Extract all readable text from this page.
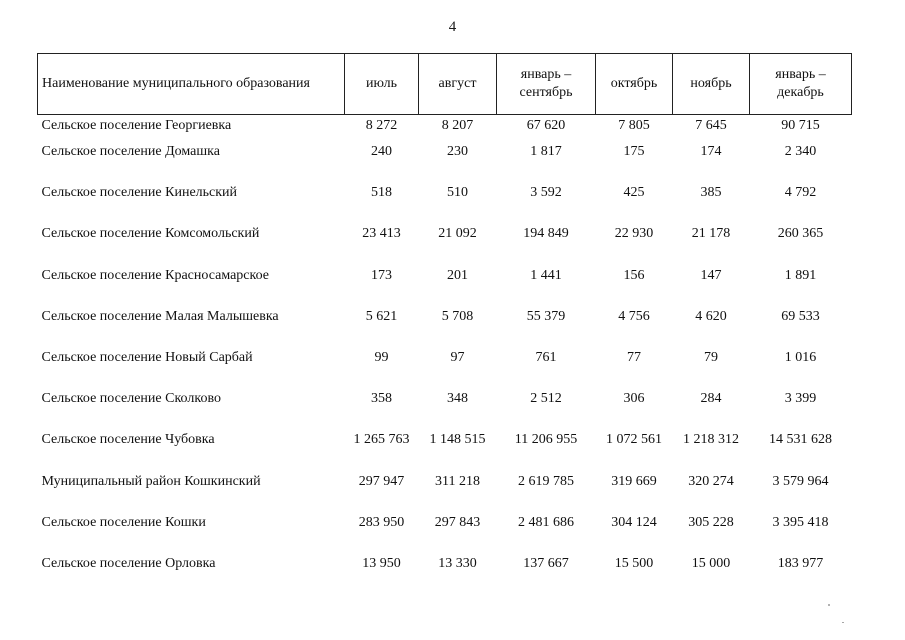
4
Наименование муниципального образования	июль	август	январь – сентябрь	октябрь	ноябрь	январь – декабрь
Сельское поселение Георгиевка	8 272	8 207	67 620	7 805	7 645	90 715
Сельское поселение Домашка	240	230	1 817	175	174	2 340
Сельское поселение Кинельский	518	510	3 592	425	385	4 792
Сельское поселение Комсомольский	23 413	21 092	194 849	22 930	21 178	260 365
Сельское поселение Красносамарское	173	201	1 441	156	147	1 891
Сельское поселение Малая Малышевка	5 621	5 708	55 379	4 756	4 620	69 533
Сельское поселение Новый Сарбай	99	97	761	77	79	1 016
Сельское поселение Сколково	358	348	2 512	306	284	3 399
Сельское поселение Чубовка	1 265 763	1 148 515	11 206 955	1 072 561	1 218 312	14 531 628
Муниципальный район Кошкинский	297 947	311 218	2 619 785	319 669	320 274	3 579 964
Сельское поселение Кошки	283 950	297 843	2 481 686	304 124	305 228	3 395 418
Сельское поселение Орловка	13 950	13 330	137 667	15 500	15 000	183 977
